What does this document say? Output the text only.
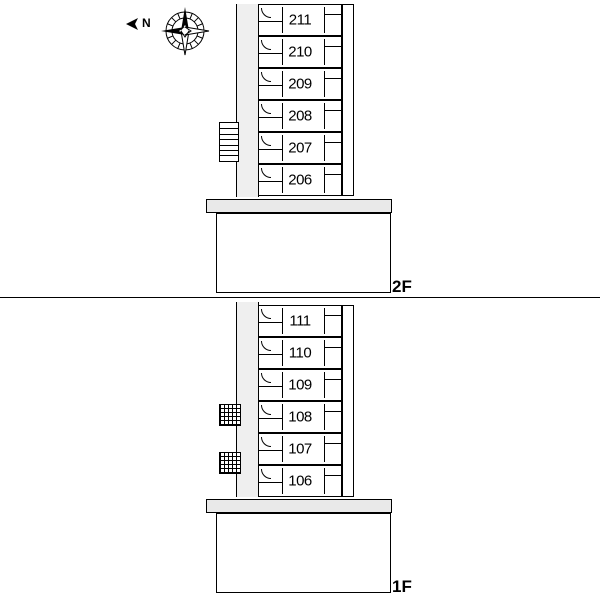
N	211
210
209
208
207
206
2F
111
110
109
108
107
106
1F
